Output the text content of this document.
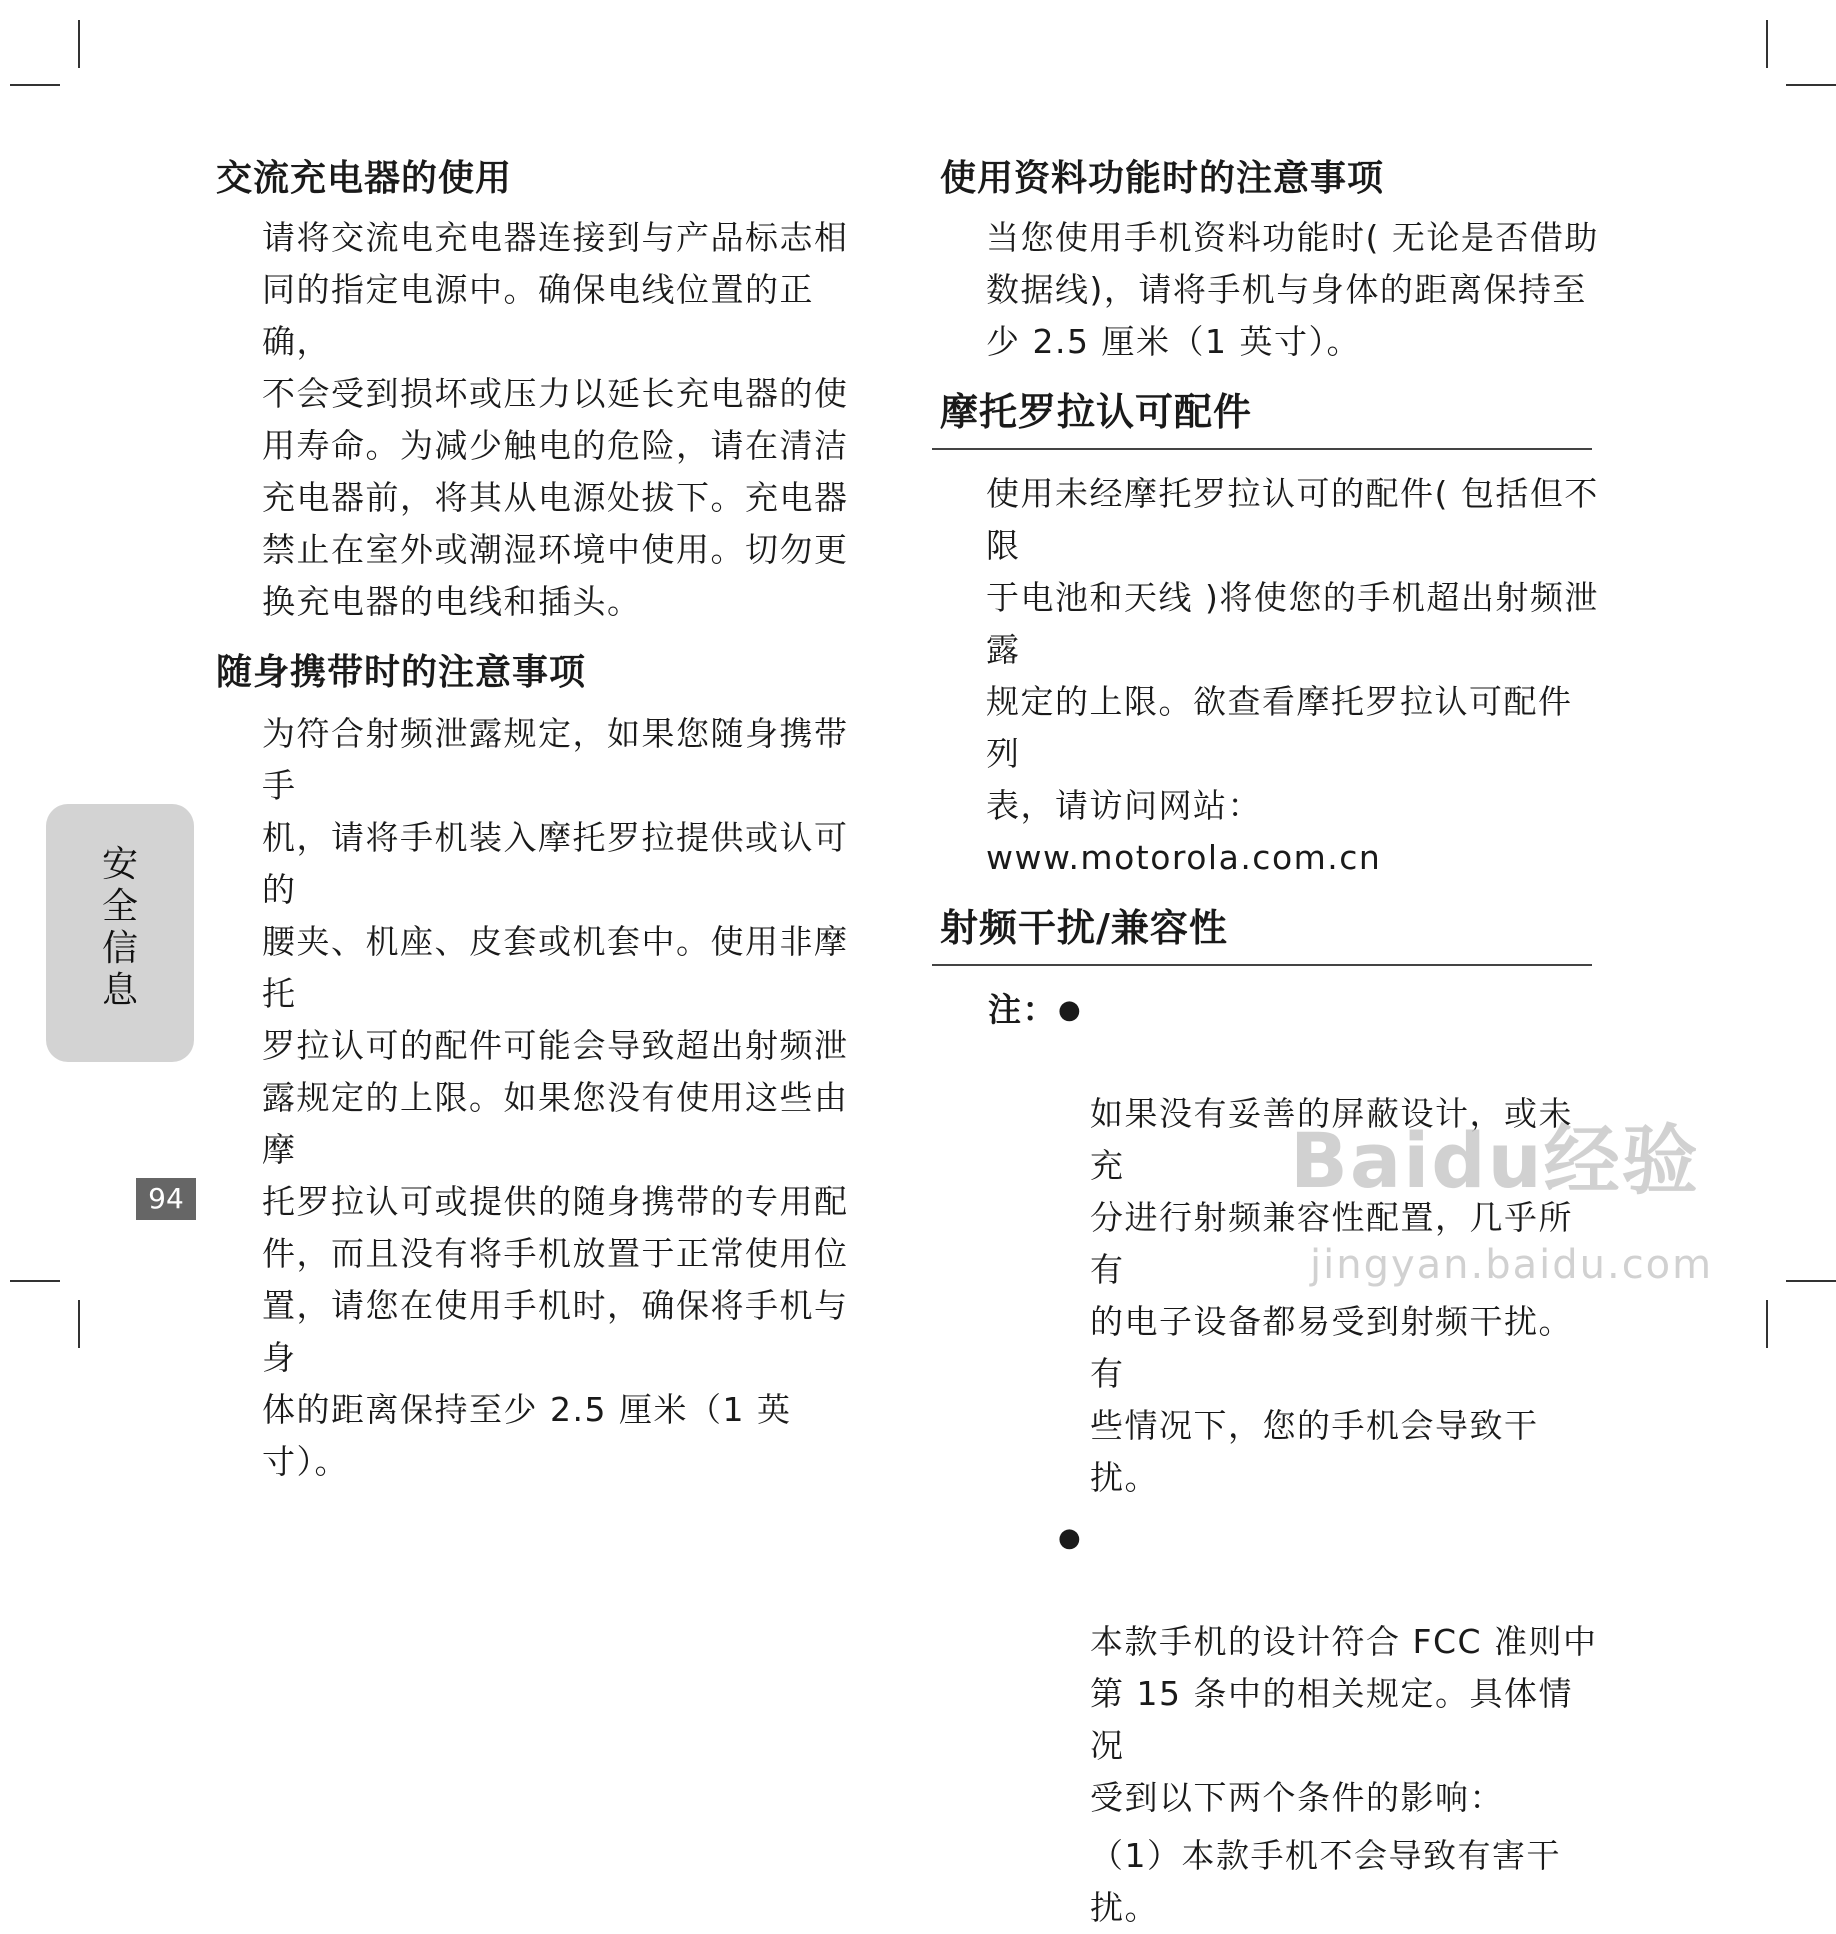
交流充电器的使用

请将交流电充电器连接到与产品标志相
同的指定电源中。确保电线位置的正确，
不会受到损坏或压力以延长充电器的使
用寿命。为减少触电的危险，请在清洁
充电器前，将其从电源处拔下。充电器
禁止在室外或潮湿环境中使用。切勿更
换充电器的电线和插头。

随身携带时的注意事项

为符合射频泄露规定，如果您随身携带手
机，请将手机装入摩托罗拉提供或认可的
腰夹、机座、皮套或机套中。使用非摩托
罗拉认可的配件可能会导致超出射频泄
露规定的上限。如果您没有使用这些由摩
托罗拉认可或提供的随身携带的专用配
件，而且没有将手机放置于正常使用位
置，请您在使用手机时，确保将手机与身
体的距离保持至少 2.5 厘米（1 英寸）。

使用资料功能时的注意事项

当您使用手机资料功能时( 无论是否借助
数据线)，请将手机与身体的距离保持至
少 2.5 厘米（1 英寸）。

摩托罗拉认可配件

使用未经摩托罗拉认可的配件( 包括但不限
于电池和天线 )将使您的手机超出射频泄露
规定的上限。欲查看摩托罗拉认可配件列
表，请访问网站：www.motorola.com.cn

射频干扰/兼容性
注： ●

如果没有妥善的屏蔽设计，或未充
分进行射频兼容性配置，几乎所有
的电子设备都易受到射频干扰。有
些情况下，您的手机会导致干扰。

●

本款手机的设计符合 FCC 准则中
第 15 条中的相关规定。具体情况
受到以下两个条件的影响：

（1）本款手机不会导致有害干扰。
安
全
信
息
94	Baidu经验
jingyan.baidu.com
